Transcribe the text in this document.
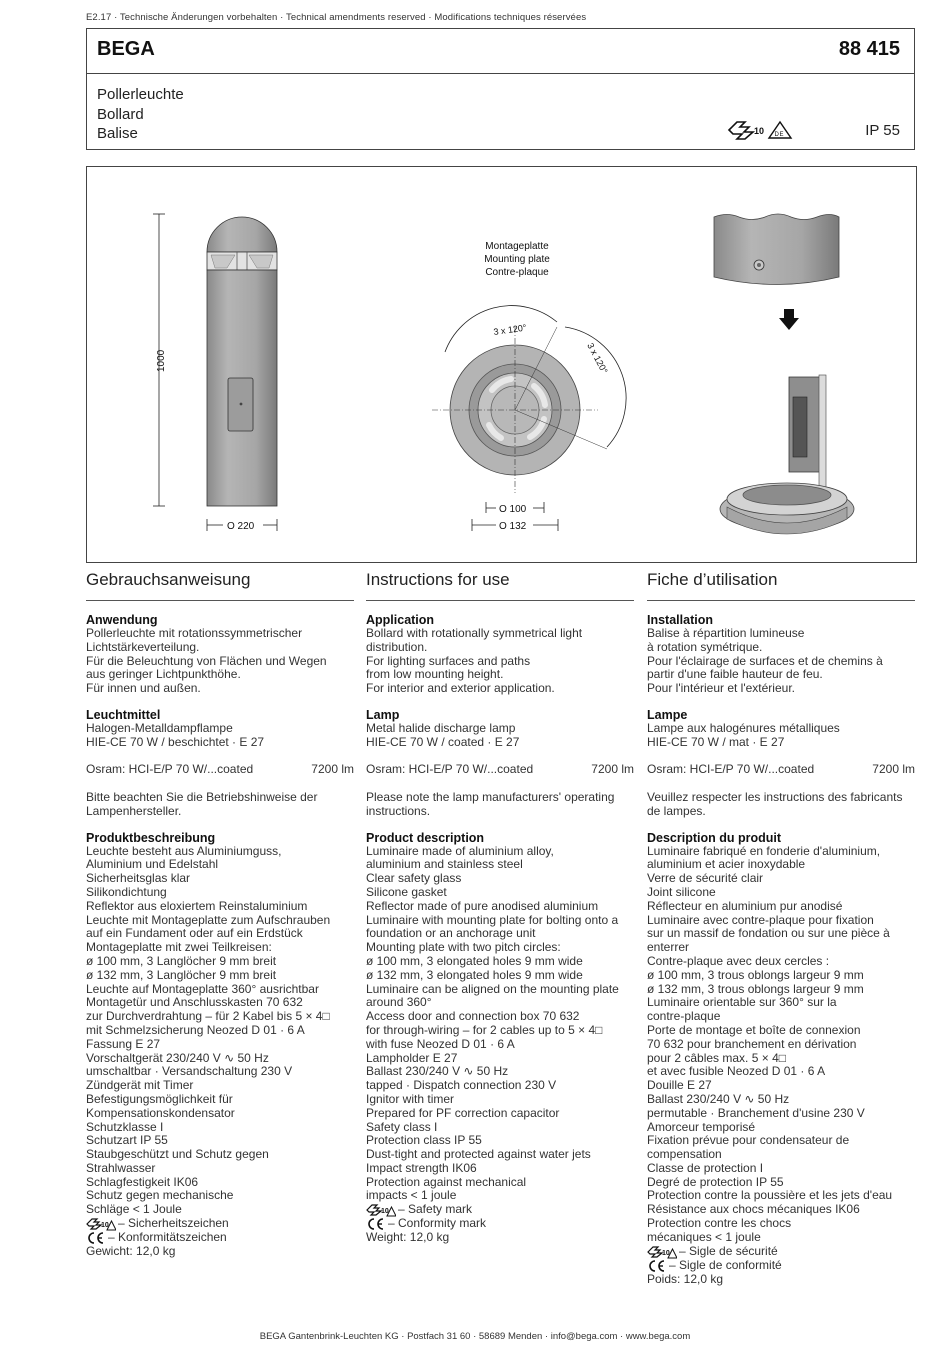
E2.17 · Technische Änderungen vorbehalten · Technical amendments reserved · Modifications techniques réservées
BEGA	88 415
Pollerleuchte
Bollard
Balise	10 D E	IP 55
1000
O 220
3 x 120°
3 x 120°
O 100
O 132
Montageplatte
Mounting plate
Contre-plaque
Gebrauchsanweisung
Anwendung
Pollerleuchte mit rotationssymmetrischer
Lichtstärkeverteilung.
Für die Beleuchtung von Flächen und Wegen
aus geringer Lichtpunkthöhe.
Für innen und außen.
Leuchtmittel
Halogen-Metalldampflampe
HIE-CE 70 W / beschichtet · E 27
Osram: HCI-E/P 70 W/...coated	7200 lm
Bitte beachten Sie die Betriebshinweise der
Lampenhersteller.
Produktbeschreibung
Leuchte besteht aus Aluminiumguss,
Aluminium und Edelstahl
Sicherheitsglas klar
Silikondichtung
Reflektor aus eloxiertem Reinstaluminium
Leuchte mit Montageplatte zum Aufschrauben
auf ein Fundament oder auf ein Erdstück
Montageplatte mit zwei Teilkreisen:
ø 100 mm, 3 Langlöcher 9 mm breit
ø 132 mm, 3 Langlöcher 9 mm breit
Leuchte auf Montageplatte 360° ausrichtbar
Montagetür und Anschlusskasten 70 632
zur Durchverdrahtung – für 2 Kabel bis 5 × 4□
mit Schmelzsicherung Neozed D 01 · 6 A
Fassung E 27
Vorschaltgerät 230/240 V ∿ 50 Hz
umschaltbar · Versandschaltung 230 V
Zündgerät mit Timer
Befestigungsmöglichkeit für
Kompensationskondensator
Schutzklasse I
Schutzart IP 55
Staubgeschützt und Schutz gegen
Strahlwasser
Schlagfestigkeit IK06
Schutz gegen mechanische
Schläge < 1 Joule
10 – Sicherheitszeichen
– Konformitätszeichen
Gewicht: 12,0 kg
Instructions for use
Application
Bollard with rotationally symmetrical light
distribution.
For lighting surfaces and paths
from low mounting height.
For interior and exterior application.
Lamp
Metal halide discharge lamp
HIE-CE 70 W / coated · E 27
Osram: HCI-E/P 70 W/...coated	7200 lm
Please note the lamp manufacturers' operating
instructions.
Product description
Luminaire made of aluminium alloy,
aluminium and stainless steel
Clear safety glass
Silicone gasket
Reflector made of pure anodised aluminium
Luminaire with mounting plate for bolting onto a
foundation or an anchorage unit
Mounting plate with two pitch circles:
ø 100 mm, 3 elongated holes 9 mm wide
ø 132 mm, 3 elongated holes 9 mm wide
Luminaire can be aligned on the mounting plate
around 360°
Access door and connection box 70 632
for through-wiring – for 2 cables up to 5 × 4□
with fuse Neozed D 01 · 6 A
Lampholder E 27
Ballast 230/240 V ∿ 50 Hz
tapped · Dispatch connection 230 V
Ignitor with timer
Prepared for PF correction capacitor
Safety class I
Protection class IP 55
Dust-tight and protected against water jets
Impact strength IK06
Protection against mechanical
impacts < 1 joule
10 – Safety mark
– Conformity mark
Weight: 12,0 kg
Fiche d’utilisation
Installation
Balise à répartition lumineuse
à rotation symétrique.
Pour l'éclairage de surfaces et de chemins à
partir d'une faible hauteur de feu.
Pour l'intérieur et l'extérieur.
Lampe
Lampe aux halogénures métalliques
HIE-CE 70 W / mat · E 27
Osram: HCI-E/P 70 W/...coated	7200 lm
Veuillez respecter les instructions des fabricants
de lampes.
Description du produit
Luminaire fabriqué en fonderie d'aluminium,
aluminium et acier inoxydable
Verre de sécurité clair
Joint silicone
Réflecteur en aluminium pur anodisé
Luminaire avec contre-plaque pour fixation
sur un massif de fondation ou sur une pièce à
enterrer
Contre-plaque avec deux cercles :
ø 100 mm, 3 trous oblongs largeur 9 mm
ø 132 mm, 3 trous oblongs largeur 9 mm
Luminaire orientable sur 360° sur la
contre-plaque
Porte de montage et boîte de connexion
70 632 pour branchement en dérivation
pour 2 câbles max. 5 × 4□
et avec fusible Neozed D 01 · 6 A
Douille E 27
Ballast 230/240 V ∿ 50 Hz
permutable · Branchement d'usine 230 V
Amorceur temporisé
Fixation prévue pour condensateur de
compensation
Classe de protection I
Degré de protection IP 55
Protection contre la poussière et les jets d'eau
Résistance aux chocs mécaniques IK06
Protection contre les chocs
mécaniques < 1 joule
10 – Sigle de sécurité
– Sigle de conformité
Poids: 12,0 kg
BEGA Gantenbrink-Leuchten KG · Postfach 31 60 · 58689 Menden · info@bega.com · www.bega.com
